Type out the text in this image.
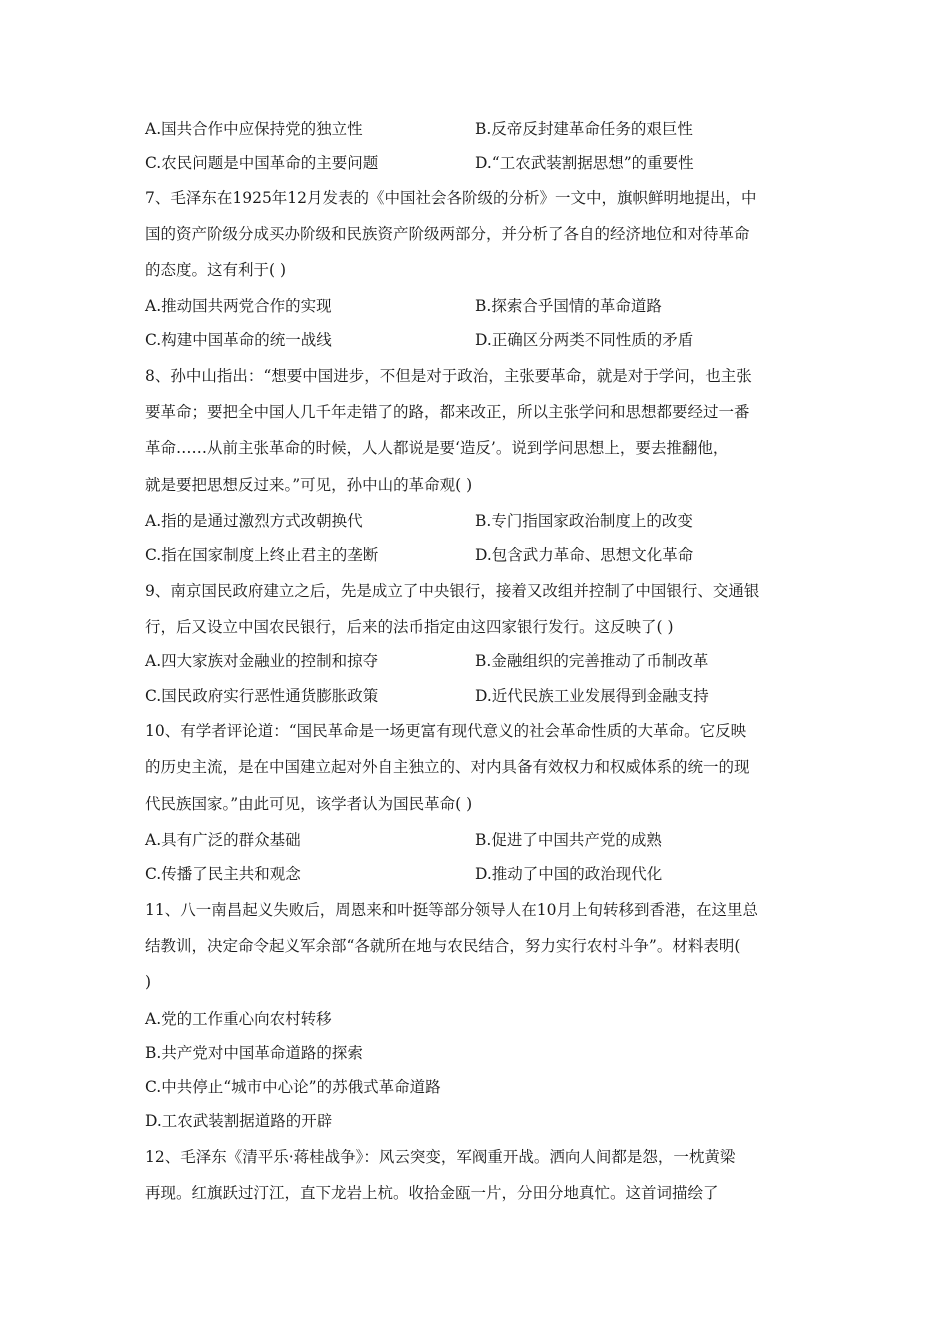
A.国共合作中应保持党的独立性	B.反帝反封建革命任务的艰巨性
C.农民问题是中国革命的主要问题	D.“工农武装割据思想”的重要性
7、毛泽东在1925年12月发表的《中国社会各阶级的分析》一文中，旗帜鲜明地提出，中
国的资产阶级分成买办阶级和民族资产阶级两部分，并分析了各自的经济地位和对待革命
的态度。这有利于( )
A.推动国共两党合作的实现	B.探索合乎国情的革命道路
C.构建中国革命的统一战线	D.正确区分两类不同性质的矛盾
8、孙中山指出：“想要中国进步，不但是对于政治，主张要革命，就是对于学问，也主张
要革命；要把全中国人几千年走错了的路，都来改正，所以主张学问和思想都要经过一番
革命……从前主张革命的时候，人人都说是要‘造反’。说到学问思想上，要去推翻他，
就是要把思想反过来。”可见，孙中山的革命观( )
A.指的是通过激烈方式改朝换代	B.专门指国家政治制度上的改变
C.指在国家制度上终止君主的垄断	D.包含武力革命、思想文化革命
9、南京国民政府建立之后，先是成立了中央银行，接着又改组并控制了中国银行、交通银
行，后又设立中国农民银行，后来的法币指定由这四家银行发行。这反映了( )
A.四大家族对金融业的控制和掠夺	B.金融组织的完善推动了币制改革
C.国民政府实行恶性通货膨胀政策	D.近代民族工业发展得到金融支持
10、有学者评论道：“国民革命是一场更富有现代意义的社会革命性质的大革命。它反映
的历史主流，是在中国建立起对外自主独立的、对内具备有效权力和权威体系的统一的现
代民族国家。”由此可见，该学者认为国民革命( )
A.具有广泛的群众基础	B.促进了中国共产党的成熟
C.传播了民主共和观念	D.推动了中国的政治现代化
11、八一南昌起义失败后，周恩来和叶挺等部分领导人在10月上旬转移到香港，在这里总
结教训，决定命令起义军余部“各就所在地与农民结合，努力实行农村斗争”。材料表明(
)
A.党的工作重心向农村转移
B.共产党对中国革命道路的探索
C.中共停止“城市中心论”的苏俄式革命道路
D.工农武装割据道路的开辟
12、毛泽东《清平乐·蒋桂战争》：风云突变，军阀重开战。洒向人间都是怨，一枕黄梁
再现。红旗跃过汀江，直下龙岩上杭。收拾金瓯一片，分田分地真忙。这首词描绘了
